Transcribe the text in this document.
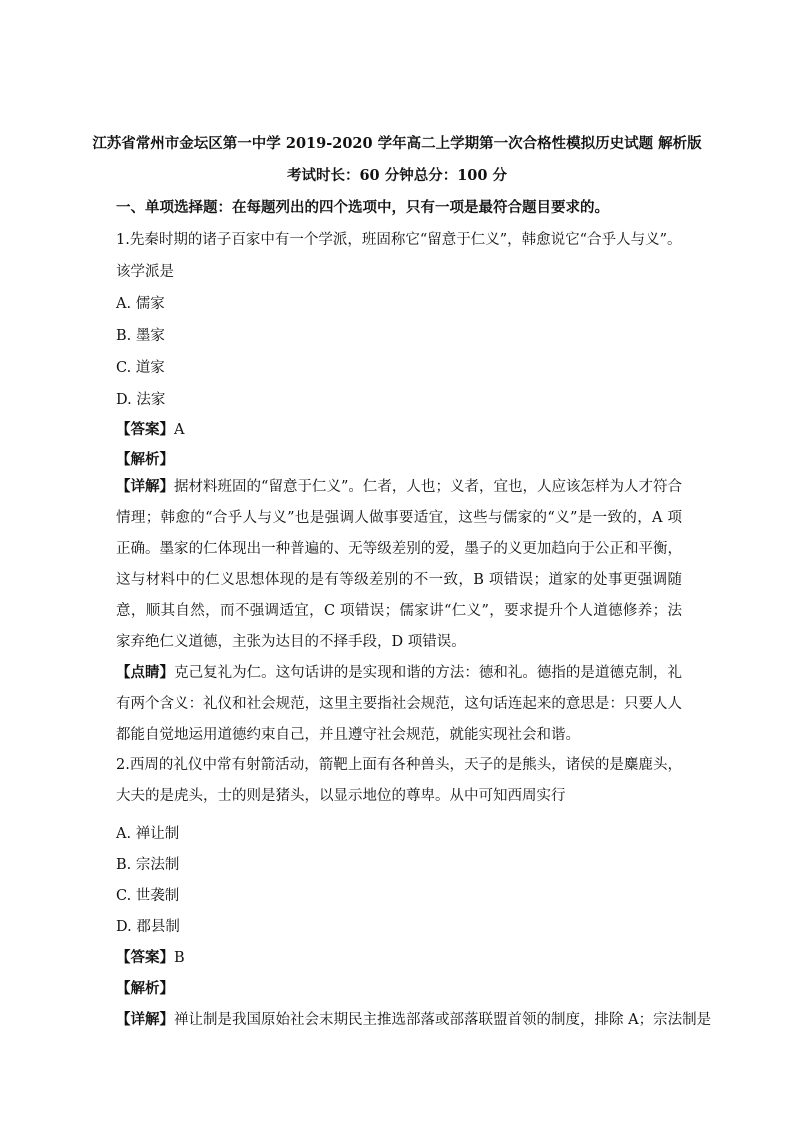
江苏省常州市金坛区第一中学 2019-2020 学年高二上学期第一次合格性模拟历史试题 解析版
考试时长：60 分钟总分：100 分
一、单项选择题：在每题列出的四个选项中，只有一项是最符合题目要求的。
1.先秦时期的诸子百家中有一个学派，班固称它“留意于仁义”，韩愈说它“合乎人与义”。
该学派是
A. 儒家
B. 墨家
C. 道家
D. 法家
【答案】A
【解析】
【详解】据材料班固的“留意于仁义”。仁者，人也；义者，宜也，人应该怎样为人才符合情理；韩愈的“合乎人与义”也是强调人做事要适宜，这些与儒家的“义”是一致的，A 项正确。墨家的仁体现出一种普遍的、无等级差别的爱，墨子的义更加趋向于公正和平衡，这与材料中的仁义思想体现的是有等级差别的不一致，B 项错误；道家的处事更强调随意，顺其自然，而不强调适宜，C 项错误；儒家讲“仁义”，要求提升个人道德修养；法家弃绝仁义道德，主张为达目的不择手段，D 项错误。
【点睛】克己复礼为仁。这句话讲的是实现和谐的方法：德和礼。德指的是道德克制，礼有两个含义：礼仪和社会规范，这里主要指社会规范，这句话连起来的意思是：只要人人都能自觉地运用道德约束自己，并且遵守社会规范，就能实现社会和谐。
2.西周的礼仪中常有射箭活动，箭靶上面有各种兽头，天子的是熊头，诸侯的是麋鹿头，大夫的是虎头，士的则是猪头，以显示地位的尊卑。从中可知西周实行
A. 禅让制
B. 宗法制
C. 世袭制
D. 郡县制
【答案】B
【解析】
【详解】禅让制是我国原始社会末期民主推选部落或部落联盟首领的制度，排除 A；宗法制是
